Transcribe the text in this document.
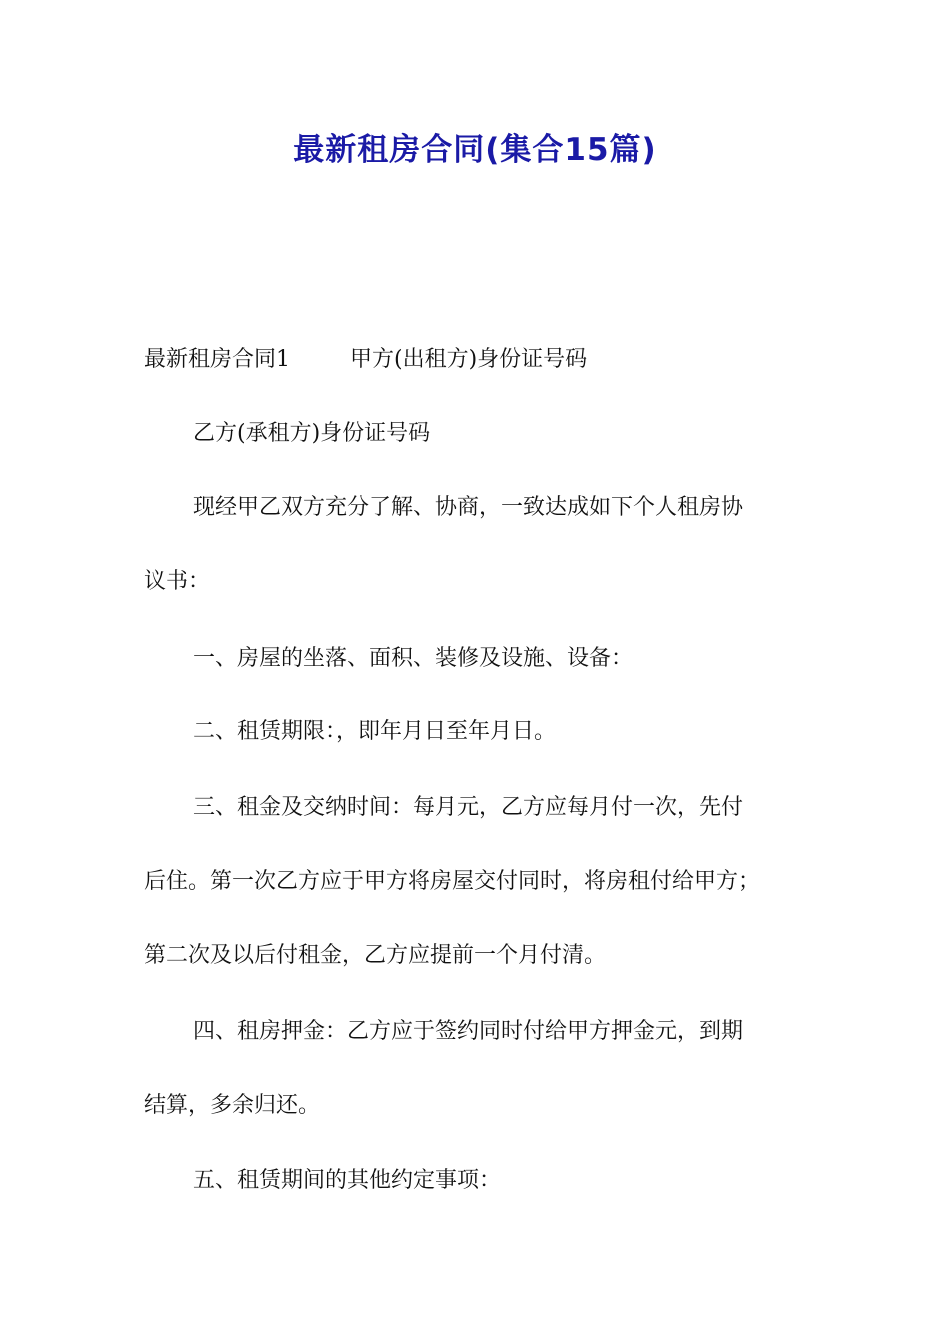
最新租房合同(集合15篇)

最新租房合同1	甲方(出租方)身份证号码

乙方(承租方)身份证号码

现经甲乙双方充分了解、协商，一致达成如下个人租房协

议书：

一、房屋的坐落、面积、装修及设施、设备：

二、租赁期限：，即年月日至年月日。

三、租金及交纳时间：每月元，乙方应每月付一次，先付

后住。第一次乙方应于甲方将房屋交付同时，将房租付给甲方；

第二次及以后付租金，乙方应提前一个月付清。

四、租房押金：乙方应于签约同时付给甲方押金元，到期

结算，多余归还。

五、租赁期间的其他约定事项：
